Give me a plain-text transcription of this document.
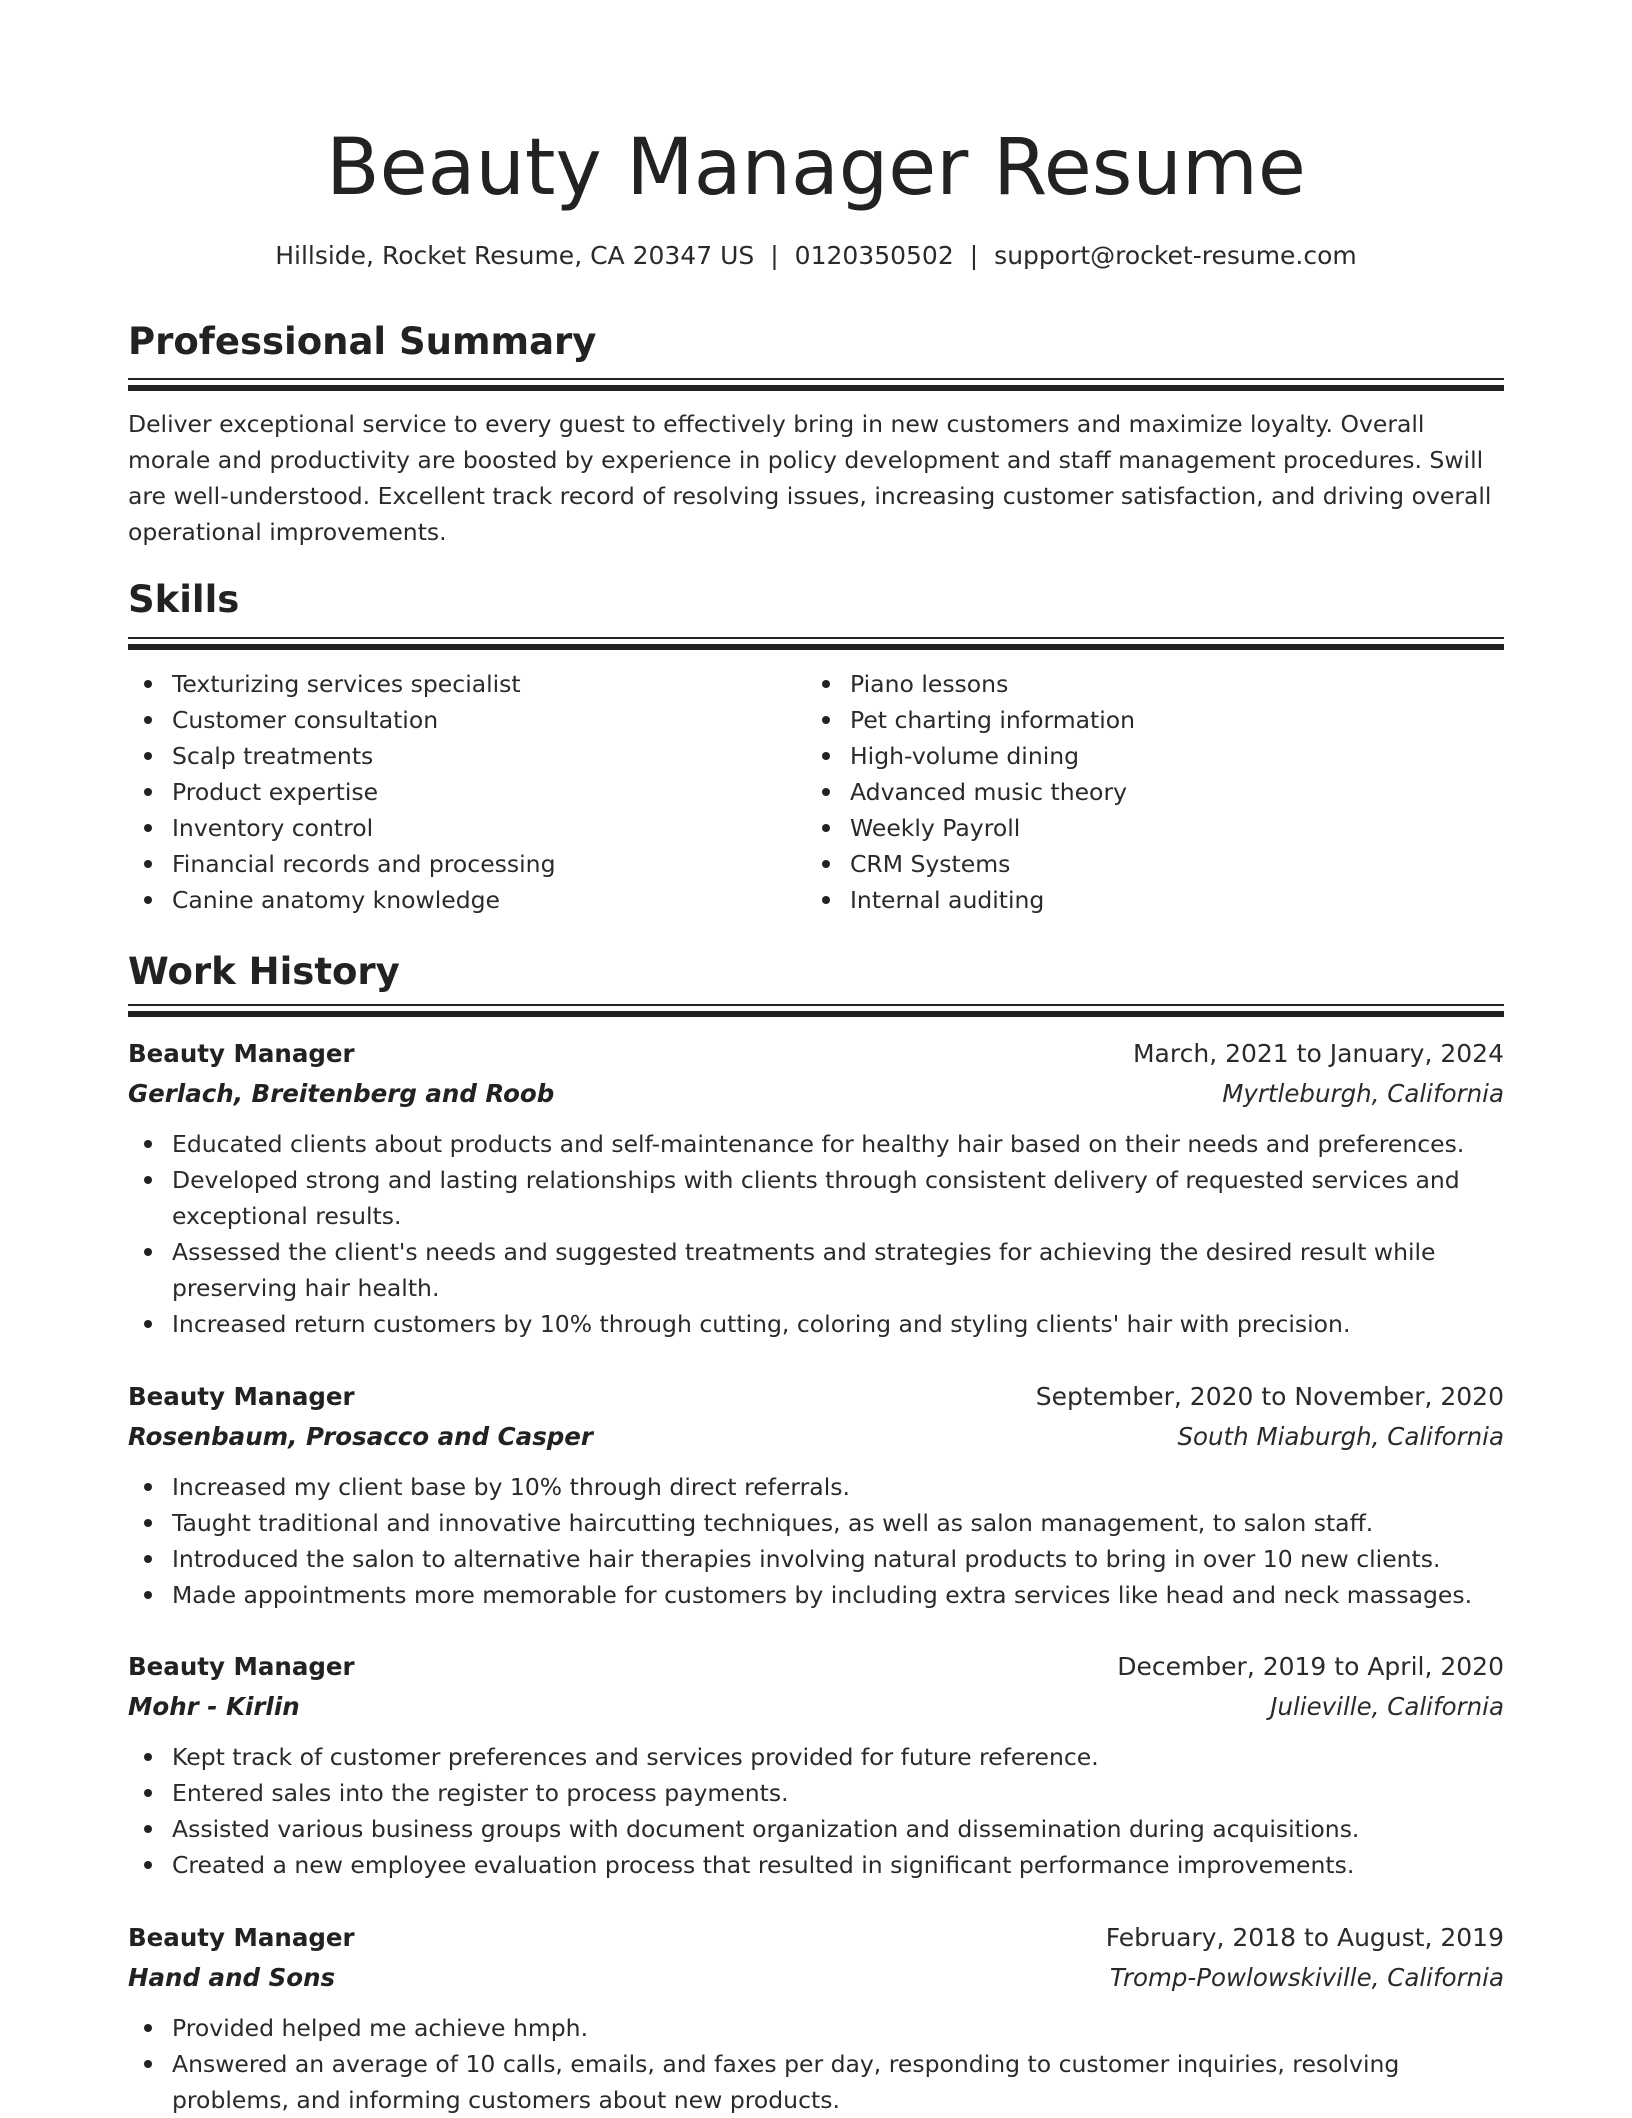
Beauty Manager Resume
Hillside, Rocket Resume, CA 20347 US | 0120350502 | support@rocket-resume.com
Professional Summary
Deliver exceptional service to every guest to effectively bring in new customers and maximize loyalty. Overall morale and productivity are boosted by experience in policy development and staff management procedures. Swill are well-understood. Excellent track record of resolving issues, increasing customer satisfaction, and driving overall operational improvements.
Skills
Texturizing services specialist
Customer consultation
Scalp treatments
Product expertise
Inventory control
Financial records and processing
Canine anatomy knowledge
Piano lessons
Pet charting information
High-volume dining
Advanced music theory
Weekly Payroll
CRM Systems
Internal auditing
Work History
Beauty Manager	March, 2021 to January, 2024
Gerlach, Breitenberg and Roob	Myrtleburgh, California
Educated clients about products and self-maintenance for healthy hair based on their needs and preferences.
Developed strong and lasting relationships with clients through consistent delivery of requested services and exceptional results.
Assessed the client's needs and suggested treatments and strategies for achieving the desired result while preserving hair health.
Increased return customers by 10% through cutting, coloring and styling clients' hair with precision.
Beauty Manager	September, 2020 to November, 2020
Rosenbaum, Prosacco and Casper	South Miaburgh, California
Increased my client base by 10% through direct referrals.
Taught traditional and innovative haircutting techniques, as well as salon management, to salon staff.
Introduced the salon to alternative hair therapies involving natural products to bring in over 10 new clients.
Made appointments more memorable for customers by including extra services like head and neck massages.
Beauty Manager	December, 2019 to April, 2020
Mohr - Kirlin	Julieville, California
Kept track of customer preferences and services provided for future reference.
Entered sales into the register to process payments.
Assisted various business groups with document organization and dissemination during acquisitions.
Created a new employee evaluation process that resulted in significant performance improvements.
Beauty Manager	February, 2018 to August, 2019
Hand and Sons	Tromp-Powlowskiville, California
Provided helped me achieve hmph.
Answered an average of 10 calls, emails, and faxes per day, responding to customer inquiries, resolving problems, and informing customers about new products.
